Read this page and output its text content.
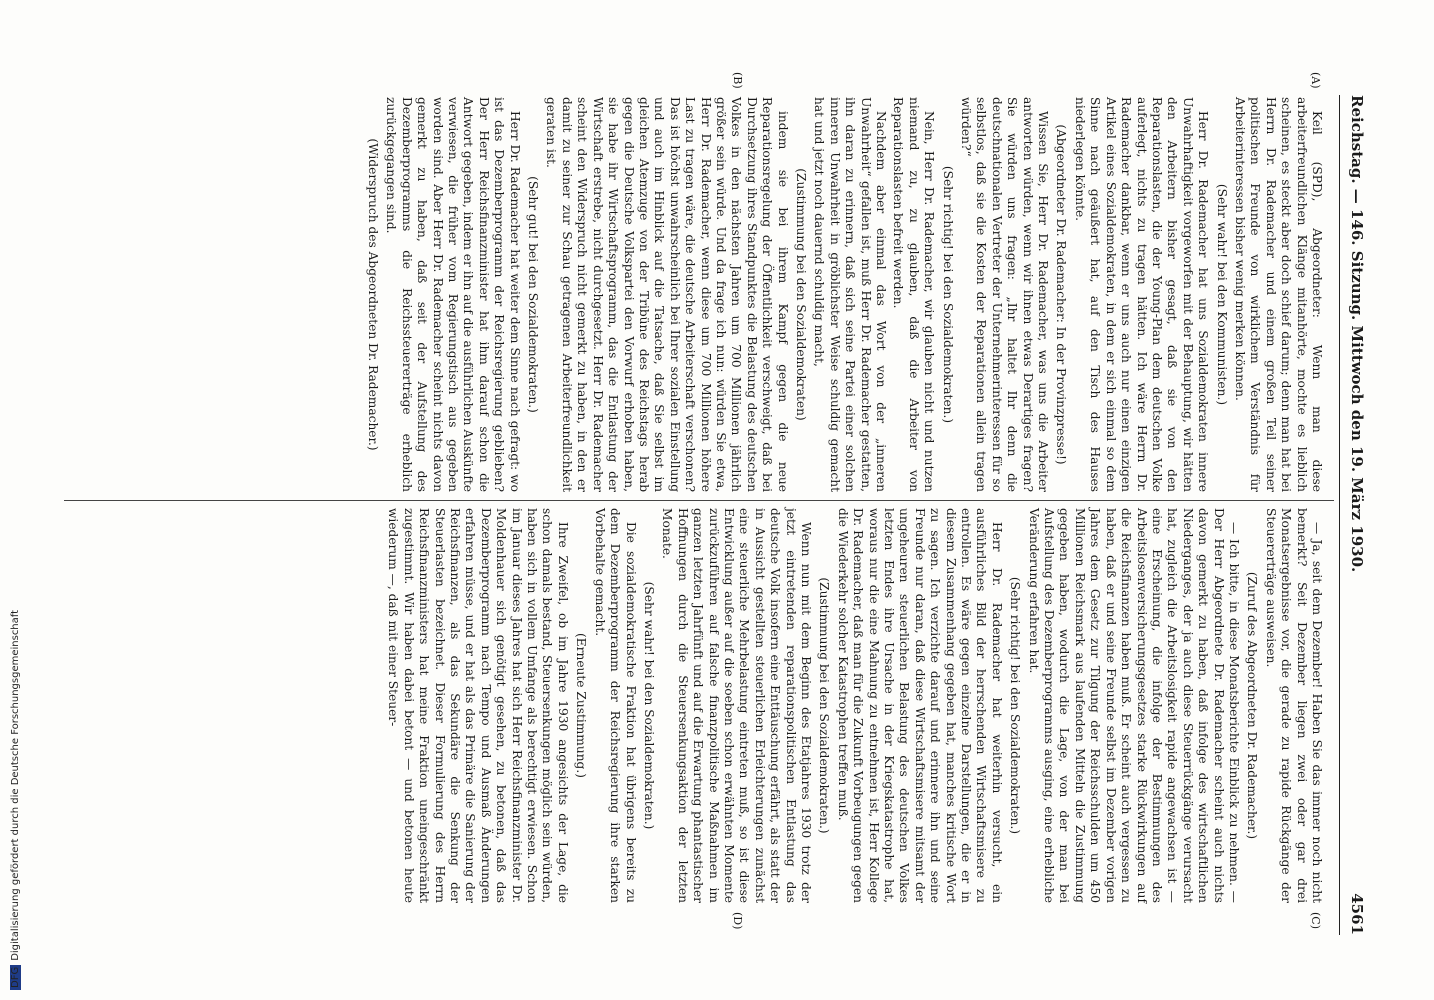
Reichstag. — 146. Sitzung. Mittwoch den 19. März 1930.
4561
(A)
(B)
(C)
(D)

Keil (SPD), Abgeordneter: Wenn man diese arbeiterfreundlichen Klänge mitanhörte, mochte es lieblich scheinen, es steckt aber doch schief darum; denn man hat bei Herrn Dr. Rademacher und einem großen Teil seiner politischen Freunde von wirklichem Verständnis für Arbeiterinteressen bisher wenig merken können.

(Sehr wahr! bei den Kommunisten.)

Herr Dr. Rademacher hat uns Sozialdemokraten innere Unwahrhaftigkeit vorgeworfen mit der Behauptung, wir hätten den Arbeitern bisher gesagt, daß sie von den Reparationslasten, die der Young-Plan dem deutschen Volke auferlegt, nichts zu tragen hätten. Ich wäre Herrn Dr. Rademacher dankbar, wenn er uns auch nur einen einzigen Artikel eines Sozialdemokraten, in dem er sich einmal so dem Sinne nach geäußert hat, auf den Tisch des Hauses niederlegen könnte.

(Abgeordneter Dr. Rademacher: In der Provinzpresse!)

Wissen Sie, Herr Dr. Rademacher, was uns die Arbeiter antworten würden, wenn wir ihnen etwas Derartiges fragen? Sie würden uns fragen: „Ihr haltet Ihr denn die deutschnationalen Vertreter der Unternehmerinteressen für so selbstlos, daß sie die Kosten der Reparationen allein tragen würden?“

(Sehr richtig! bei den Sozialdemokraten.)

Nein, Herr Dr. Rademacher, wir glauben nicht und nutzen niemand zu, zu glauben, daß die Arbeiter von Reparationslasten befreit werden.

Nachdem aber einmal das Wort von der „inneren Unwahrheit“ gefallen ist, muß Herr Dr. Rademacher gestatten, ihn daran zu erinnern, daß sich seine Partei einer solchen inneren Unwahrheit in gröblichster Weise schuldig gemacht hat und jetzt noch dauernd schuldig macht,

(Zustimmung bei den Sozialdemokraten)

indem sie bei ihrem Kampf gegen die neue Reparationsregelung der Öffentlichkeit verschweigt, daß bei Durchsetzung ihres Standpunktes die Belastung des deutschen Volkes in den nächsten Jahren um 700 Millionen jährlich größer sein würde. Und da frage ich nun: würden Sie etwa, Herr Dr. Rademacher, wenn diese um 700 Millionen höhere Last zu tragen wäre, die deutsche Arbeiterschaft verschonen? Das ist höchst unwahrscheinlich bei Ihrer sozialen Einstellung und auch im Hinblick auf die Tatsache, daß Sie selbst im gleichen Atemzuge von der Tribüne des Reichstags herab gegen die Deutsche Volkspartei den Vorwurf erhoben haben, sie habe ihr Wirtschaftsprogramm, das die Entlastung der Wirtschaft erstrebe, nicht durchgesetzt. Herr Dr. Rademacher scheint den Widerspruch nicht gemerkt zu haben, in den er damit zu seiner zur Schau getragenen Arbeiterfreundlichkeit geraten ist.

(Sehr gut! bei den Sozialdemokraten.)

Herr Dr. Rademacher hat weiter dem Sinne nach gefragt: wo ist das Dezemberprogramm der Reichsregierung geblieben? Der Herr Reichsfinanzminister hat ihm darauf schon die Antwort gegeben, indem er ihn auf die ausführlichen Auskünfte verwiesen, die früher vom Regierungstisch aus gegeben worden sind. Aber Herr Dr. Rademacher scheint nichts davon gemerkt zu haben, daß seit der Aufstellung des Dezemberprogramms die Reichssteuererträge erheblich zurückgegangen sind.

(Widerspruch des Abgeordneten Dr. Rademacher.)

— Ja, seit dem Dezember! Haben Sie das immer noch nicht bemerkt? Seit Dezember liegen zwei oder gar drei Monatsergebnisse vor, die gerade zu rapide Rückgänge der Steuererträge ausweisen.

(Zuruf des Abgeordneten Dr. Rademacher.)

— Ich bitte, in diese Monatsberichte Einblick zu nehmen. — Der Herr Abgeordnete Dr. Rademacher scheint auch nichts davon gemerkt zu haben, daß infolge des wirtschaftlichen Niederganges, der ja auch diese Steuerrückgänge verursacht hat, zugleich die Arbeitslosigkeit rapide angewachsen ist — eine Erscheinung, die infolge der Bestimmungen des Arbeitslosenversicherungsgesetzes starke Rückwirkungen auf die Reichsfinanzen haben muß. Er scheint auch vergessen zu haben, daß er und seine Freunde selbst im Dezember vorigen Jahres dem Gesetz zur Tilgung der Reichsschulden um 450 Millionen Reichsmark aus laufenden Mitteln die Zustimmung gegeben haben, wodurch die Lage, von der man bei Aufstellung des Dezemberprogramms ausging, eine erhebliche Veränderung erfahren hat.

(Sehr richtig! bei den Sozialdemokraten.)

Herr Dr. Rademacher hat weiterhin versucht, ein ausführliches Bild der herrschenden Wirtschaftsmisere zu entrollen. Es wäre gegen einzelne Darstellungen, die er in diesem Zusammenhang gegeben hat, manches kritische Wort zu sagen. Ich verzichte darauf und erinnere ihn und seine Freunde nur daran, daß diese Wirtschaftsmisere mitsamt der ungeheuren steuerlichen Belastung des deutschen Volkes letzten Endes ihre Ursache in der Kriegskatastrophe hat, woraus nur die eine Mahnung zu entnehmen ist, Herr Kollege Dr. Rademacher, daß man für die Zukunft Vorbeugungen gegen die Wiederkehr solcher Katastrophen treffen muß.

(Zustimmung bei den Sozialdemokraten.)

Wenn nun mit dem Beginn des Etatjahres 1930 trotz der jetzt eintretenden reparationspolitischen Entlastung das deutsche Volk insofern eine Enttäuschung erfährt, als statt der in Aussicht gestellten steuerlichen Erleichterungen zunächst eine steuerliche Mehrbelastung eintreten muß, so ist diese Entwicklung außer auf die soeben schon erwähnten Momente zurückzuführen auf falsche finanzpolitische Maßnahmen im ganzen letzten Jahrfünft und auf die Erwartung phantastischer Hoffnungen durch die Steuersenkungsaktion der letzten Monate.

(Sehr wahr! bei den Sozialdemokraten.)

Die sozialdemokratische Fraktion hat übrigens bereits zu dem Dezemberprogramm der Reichsregierung ihre starken Vorbehalte gemacht.

(Erneute Zustimmung.)

Ihre Zweifel, ob im Jahre 1930 angesichts der Lage, die schon damals bestand, Steuersenkungen möglich sein würden, haben sich in vollem Umfange als berechtigt erwiesen. Schon im Januar dieses Jahres hat sich Herr Reichsfinanzminister Dr. Moldenhauer sich genötigt gesehen, zu betonen, daß das Dezemberprogramm nach Tempo und Ausmaß Änderungen erfahren müsse, und er hat als das Primäre die Sanierung der Reichsfinanzen, als das Sekundäre die Senkung der Steuerlasten bezeichnet. Dieser Formulierung des Herrn Reichsfinanzministers hat meine Fraktion uneingeschränkt zugestimmt. Wir haben dabei betont — und betonen heute wiederum —, daß mit einer Steuer-

DFGDigitalisierung gefördert durch die Deutsche Forschungsgemeinschaft
